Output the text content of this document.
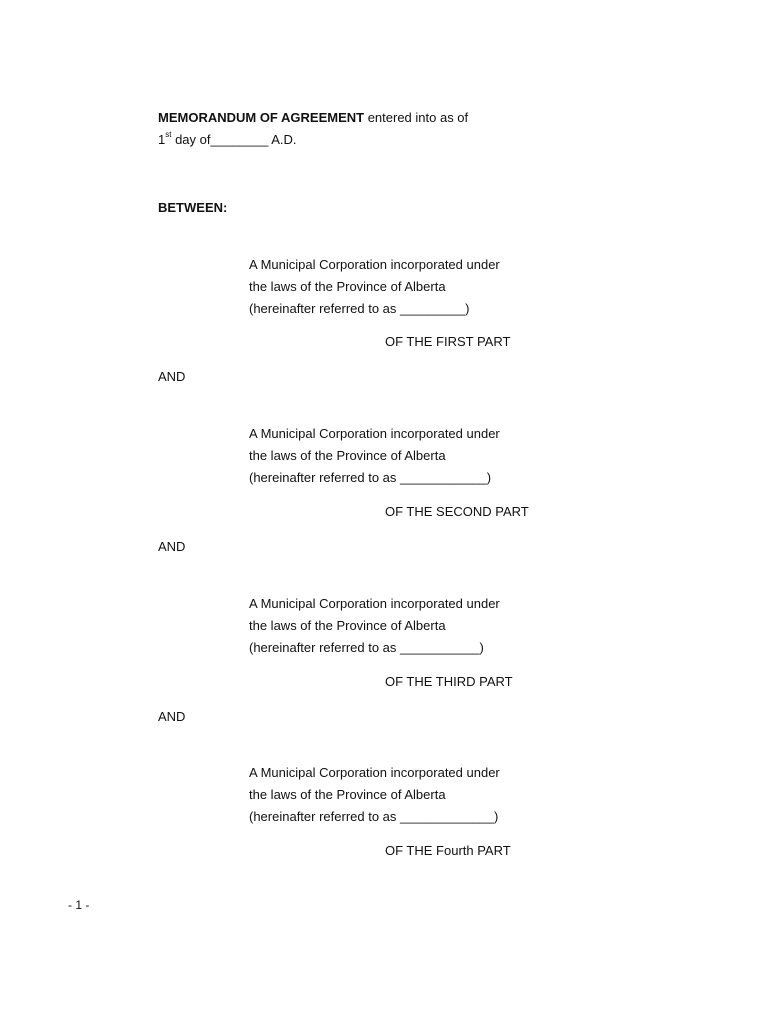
MEMORANDUM OF AGREEMENT entered into as of
1st day of________ A.D.
BETWEEN:
A Municipal Corporation incorporated under
the laws of the Province of Alberta
(hereinafter referred to as _________)
OF THE FIRST PART
AND
A Municipal Corporation incorporated under
the laws of the Province of Alberta
(hereinafter referred to as ____________)
OF THE SECOND PART
AND
A Municipal Corporation incorporated under
the laws of the Province of Alberta
(hereinafter referred to as ___________)
OF THE THIRD PART
AND
A Municipal Corporation incorporated under
the laws of the Province of Alberta
(hereinafter referred to as _____________)
OF THE Fourth PART
- 1 -
